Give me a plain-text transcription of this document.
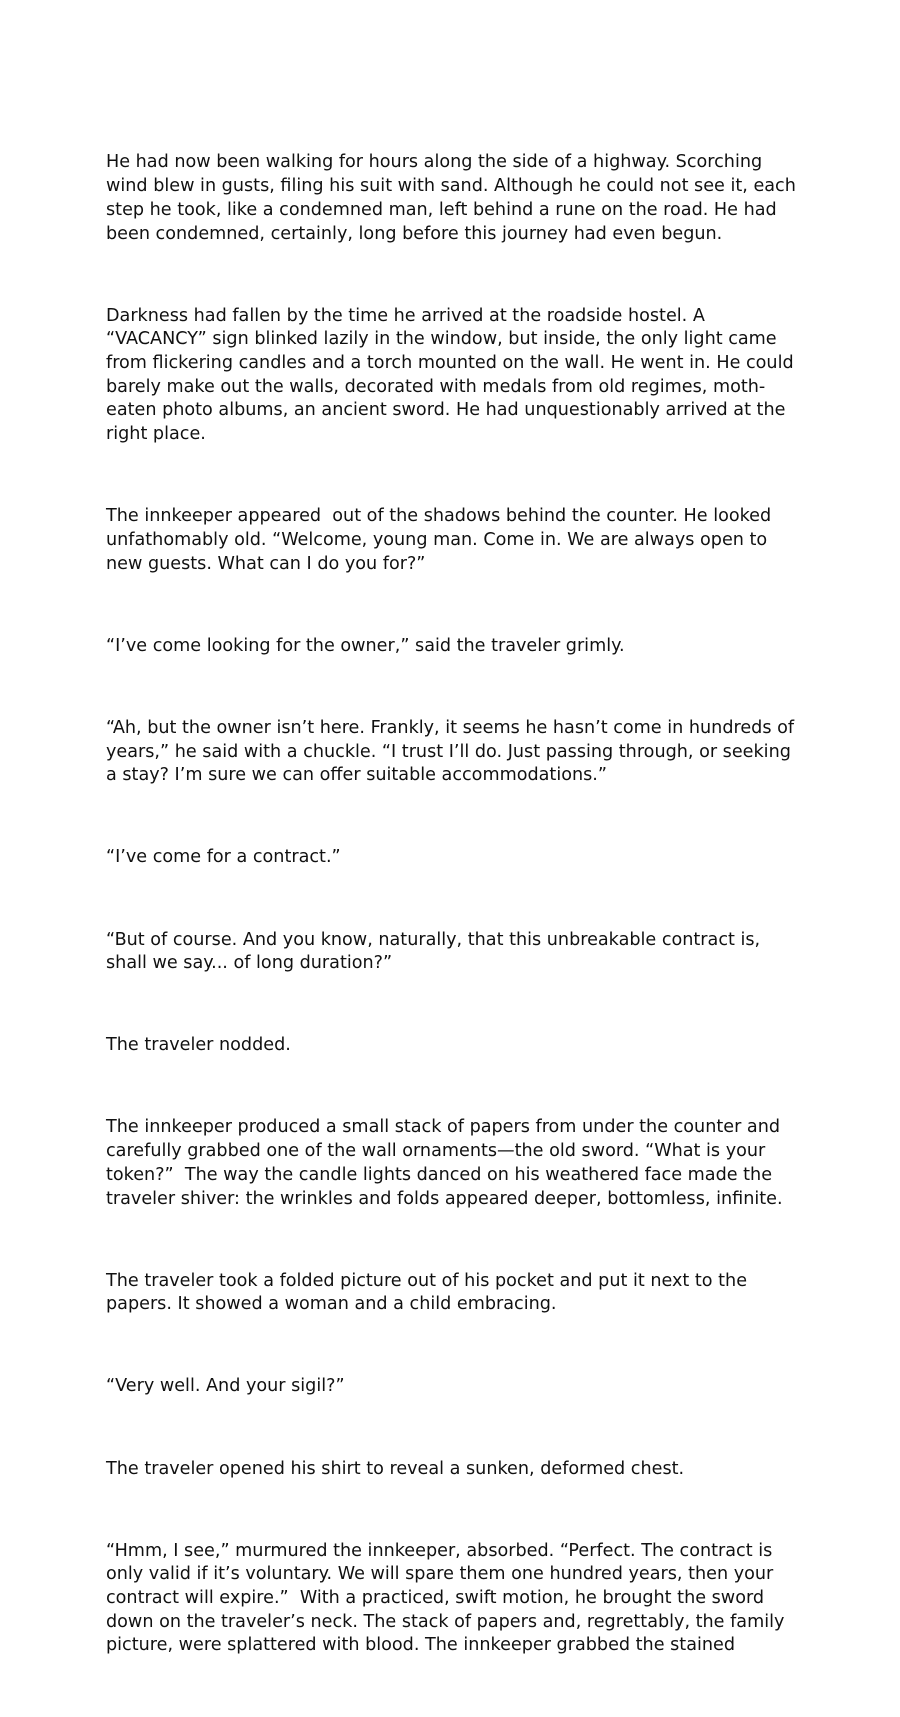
He had now been walking for hours along the side of a highway. Scorching wind blew in gusts, filing his suit with sand. Although he could not see it, each step he took, like a condemned man, left behind a rune on the road. He had been condemned, certainly, long before this journey had even begun.

Darkness had fallen by the time he arrived at the roadside hostel. A “VACANCY” sign blinked lazily in the window, but inside, the only light came from flickering candles and a torch mounted on the wall. He went in. He could barely make out the walls, decorated with medals from old regimes, moth-eaten photo albums, an ancient sword. He had unquestionably arrived at the right place.

The innkeeper appeared  out of the shadows behind the counter. He looked unfathomably old. “Welcome, young man. Come in. We are always open to new guests. What can I do you for?”

“I’ve come looking for the owner,” said the traveler grimly.

“Ah, but the owner isn’t here. Frankly, it seems he hasn’t come in hundreds of years,” he said with a chuckle. “I trust I’ll do. Just passing through, or seeking a stay? I’m sure we can offer suitable accommodations.”

“I’ve come for a contract.”

“But of course. And you know, naturally, that this unbreakable contract is, shall we say... of long duration?”

The traveler nodded.

The innkeeper produced a small stack of papers from under the counter and carefully grabbed one of the wall ornaments—the old sword. “What is your token?”  The way the candle lights danced on his weathered face made the traveler shiver: the wrinkles and folds appeared deeper, bottomless, infinite.

The traveler took a folded picture out of his pocket and put it next to the papers. It showed a woman and a child embracing.

“Very well. And your sigil?”

The traveler opened his shirt to reveal a sunken, deformed chest.

“Hmm, I see,” murmured the innkeeper, absorbed. “Perfect. The contract is only valid if it’s voluntary. We will spare them one hundred years, then your contract will expire.”  With a practiced, swift motion, he brought the sword down on the traveler’s neck. The stack of papers and, regrettably, the family picture, were splattered with blood. The innkeeper grabbed the stained
